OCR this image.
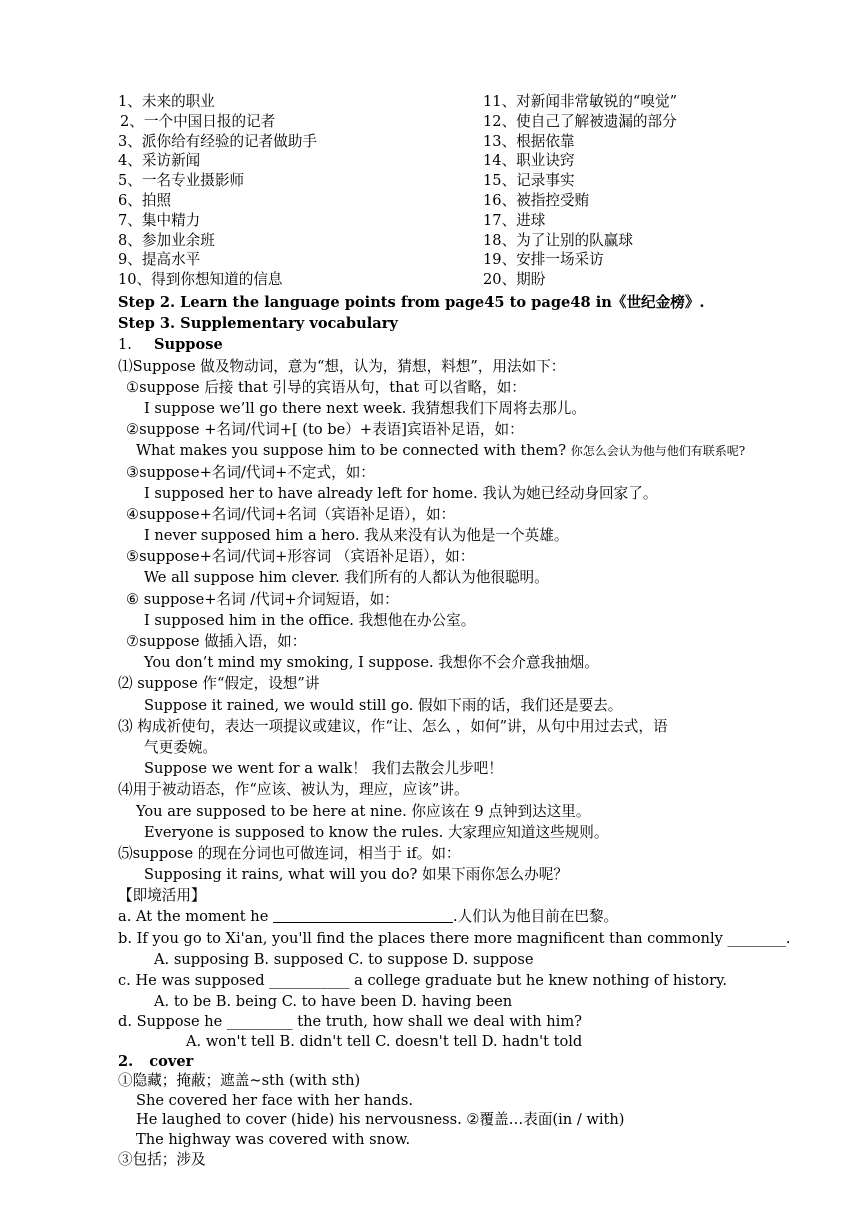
1、未来的职业	11、对新闻非常敏锐的“嗅觉”
2、一个中国日报的记者	12、使自己了解被遗漏的部分
3、派你给有经验的记者做助手	13、根据依靠
4、采访新闻	14、职业诀窍
5、一名专业摄影师	15、记录事实
6、拍照	16、被指控受贿
7、集中精力	17、进球
8、参加业余班	18、为了让别的队赢球
9、提高水平	19、安排一场采访
10、得到你想知道的信息	20、期盼
Step 2. Learn the language points from page45 to page48 in《世纪金榜》.
Step 3. Supplementary vocabulary
1. Suppose
⑴Suppose 做及物动词，意为“想，认为，猜想，料想”，用法如下：
①suppose 后接 that 引导的宾语从句，that 可以省略，如：
I suppose we’ll go there next week. 我猜想我们下周将去那儿。
②suppose +名词/代词+[ (to be）+表语]宾语补足语，如：
What makes you suppose him to be connected with them? 你怎么会认为他与他们有联系呢?
③suppose+名词/代词+不定式，如：
I supposed her to have already left for home. 我认为她已经动身回家了。
④suppose+名词/代词+名词（宾语补足语），如：
I never supposed him a hero. 我从来没有认为他是一个英雄。
⑤suppose+名词/代词+形容词 （宾语补足语），如：
We all suppose him clever. 我们所有的人都认为他很聪明。
⑥ suppose+名词 /代词+介词短语，如：
I supposed him in the office. 我想他在办公室。
⑦suppose 做插入语，如：
You don’t mind my smoking, I suppose. 我想你不会介意我抽烟。
⑵ suppose 作“假定，设想”讲
Suppose it rained, we would still go. 假如下雨的话，我们还是要去。
⑶ 构成祈使句，表达一项提议或建议，作“让、怎么 ，如何”讲，从句中用过去式，语
气更委婉。
Suppose we went for a walk！ 我们去散会儿步吧！
⑷用于被动语态，作“应该、被认为，理应，应该”讲。
You are supposed to be here at nine. 你应该在 9 点钟到达这里。
Everyone is supposed to know the rules. 大家理应知道这些规则。
⑸suppose 的现在分词也可做连词，相当于 if。如：
Supposing it rains, what will you do? 如果下雨你怎么办呢？
【即境活用】
a. At the moment he	.人们认为他目前在巴黎。
b. If you go to Xi'an, you'll find the places there more magnificent than commonly ________.
A. supposing B. supposed C. to suppose D. suppose
c. He was supposed ___________ a college graduate but he knew nothing of history.
A. to be B. being C. to have been D. having been
d. Suppose he _________ the truth, how shall we deal with him?
A. won't tell B. didn't tell C. doesn't tell D. hadn't told
2. cover
①隐藏；掩蔽；遮盖~sth (with sth)
She covered her face with her hands.
He laughed to cover (hide) his nervousness. ②覆盖…表面(in / with)
The highway was covered with snow.
③包括；涉及
